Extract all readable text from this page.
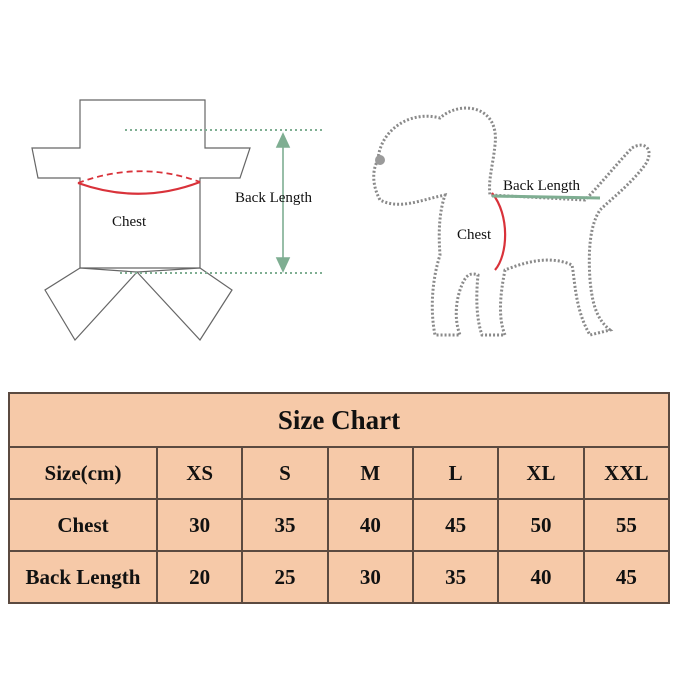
Chest
Back Length
Chest
Back Length
Size Chart						
Size(cm)	XS	S	M	L	XL	XXL
Chest	30	35	40	45	50	55
Back Length	20	25	30	35	40	45
